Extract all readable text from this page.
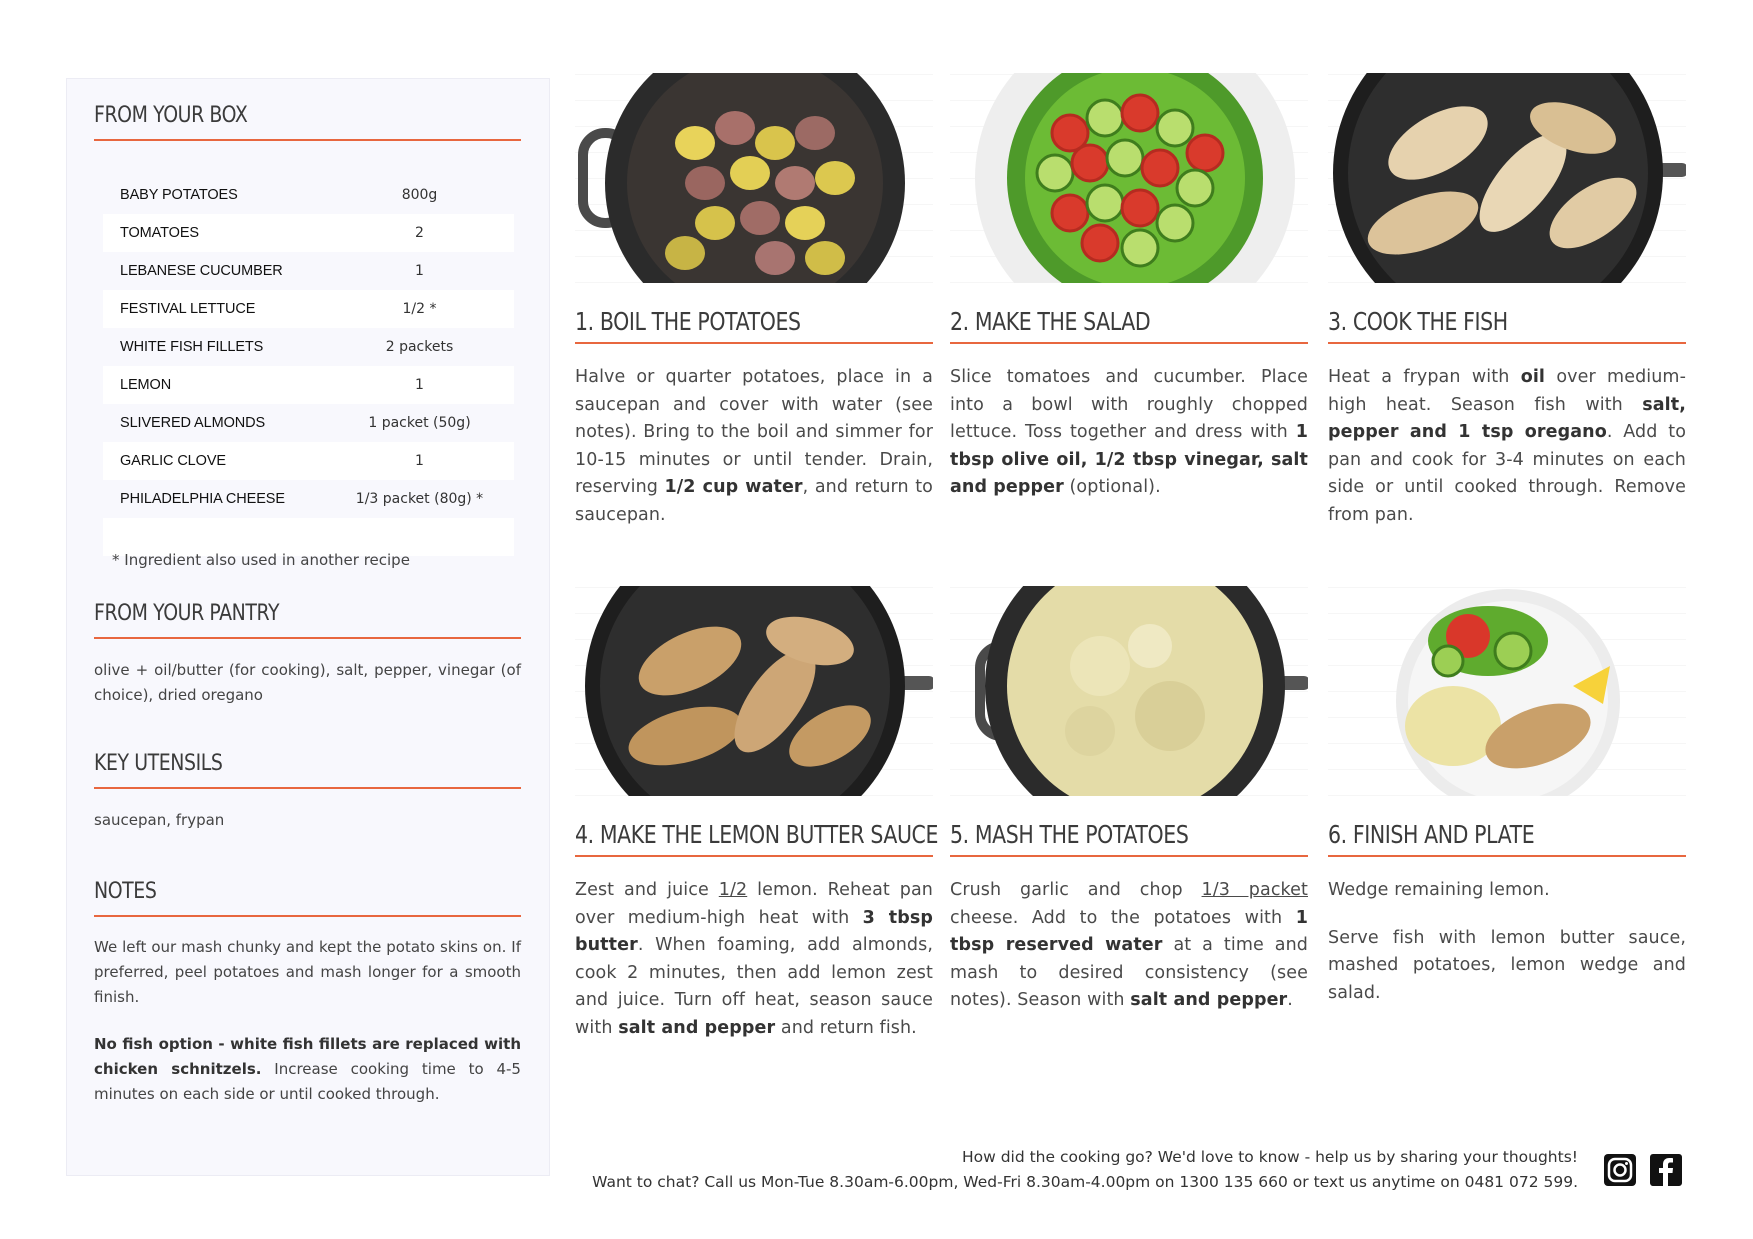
FROM YOUR BOX
BABY POTATOES	800g
TOMATOES	2
LEBANESE CUCUMBER	1
FESTIVAL LETTUCE	1/2 *
WHITE FISH FILLETS	2 packets
LEMON	1
SLIVERED ALMONDS	1 packet (50g)
GARLIC CLOVE	1
PHILADELPHIA CHEESE	1/3 packet (80g) *
* Ingredient also used in another recipe
FROM YOUR PANTRY
olive + oil/butter (for cooking), salt, pepper, vinegar (of choice), dried oregano
KEY UTENSILS
saucepan, frypan
NOTES
We left our mash chunky and kept the potato skins on. If preferred, peel potatoes and mash longer for a smooth finish.
No fish option - white fish fillets are replaced with chicken schnitzels. Increase cooking time to 4-5 minutes on each side or until cooked through.
1. BOIL THE POTATOES
Halve or quarter potatoes, place in a saucepan and cover with water (see notes). Bring to the boil and simmer for 10-15 minutes or until tender. Drain, reserving 1/2 cup water, and return to saucepan.
2. MAKE THE SALAD
Slice tomatoes and cucumber. Place into a bowl with roughly chopped lettuce. Toss together and dress with 1 tbsp olive oil, 1/2 tbsp vinegar, salt and pepper (optional).
3. COOK THE FISH
Heat a frypan with oil over medium-high heat. Season fish with salt, pepper and 1 tsp oregano. Add to pan and cook for 3-4 minutes on each side or until cooked through. Remove from pan.
4. MAKE THE LEMON BUTTER SAUCE
Zest and juice 1/2 lemon. Reheat pan over medium-high heat with 3 tbsp butter. When foaming, add almonds, cook 2 minutes, then add lemon zest and juice. Turn off heat, season sauce with salt and pepper and return fish.
5. MASH THE POTATOES
Crush garlic and chop 1/3 packet cheese. Add to the potatoes with 1 tbsp reserved water at a time and mash to desired consistency (see notes). Season with salt and pepper.
6. FINISH AND PLATE

Wedge remaining lemon.

Serve fish with lemon butter sauce, mashed potatoes, lemon wedge and salad.

How did the cooking go? We'd love to know - help us by sharing your thoughts!
Want to chat? Call us Mon-Tue 8.30am-6.00pm, Wed-Fri 8.30am-4.00pm on 1300 135 660 or text us anytime on 0481 072 599.
